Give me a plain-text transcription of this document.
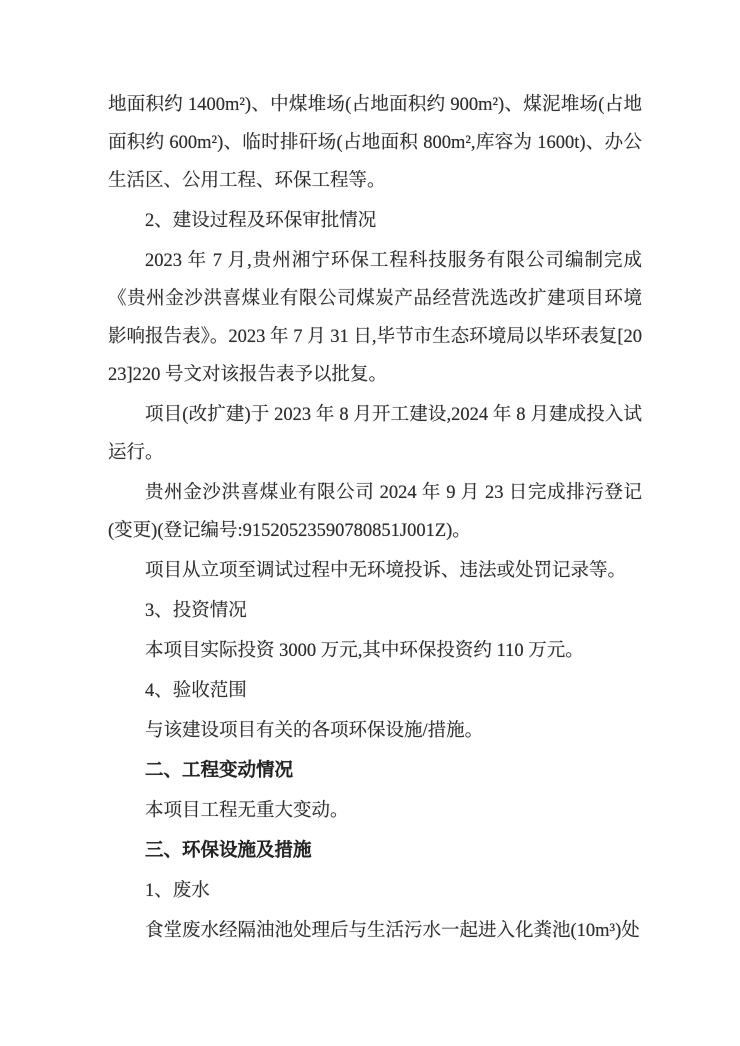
地面积约 1400m²)、中煤堆场(占地面积约 900m²)、煤泥堆场(占地面积约 600m²)、临时排矸场(占地面积 800m²,库容为 1600t)、办公生活区、公用工程、环保工程等。

2、建设过程及环保审批情况

2023 年 7 月,贵州湘宁环保工程科技服务有限公司编制完成《贵州金沙洪喜煤业有限公司煤炭产品经营洗选改扩建项目环境影响报告表》。2023 年 7 月 31 日,毕节市生态环境局以毕环表复[2023]220 号文对该报告表予以批复。

项目(改扩建)于 2023 年 8 月开工建设,2024 年 8 月建成投入试运行。

贵州金沙洪喜煤业有限公司 2024 年 9 月 23 日完成排污登记(变更)(登记编号:91520523590780851J001Z)。

项目从立项至调试过程中无环境投诉、违法或处罚记录等。

3、投资情况

本项目实际投资 3000 万元,其中环保投资约 110 万元。

4、验收范围

与该建设项目有关的各项环保设施/措施。

二、工程变动情况

本项目工程无重大变动。

三、环保设施及措施

1、废水

食堂废水经隔油池处理后与生活污水一起进入化粪池(10m³)处
